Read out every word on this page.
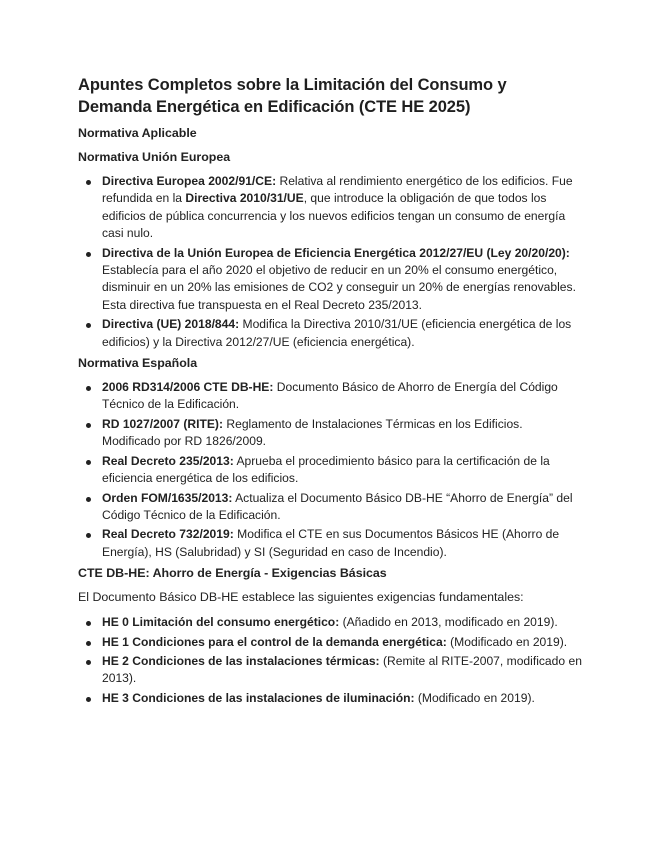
Apuntes Completos sobre la Limitación del Consumo y Demanda Energética en Edificación (CTE HE 2025)
Normativa Aplicable
Normativa Unión Europea
Directiva Europea 2002/91/CE: Relativa al rendimiento energético de los edificios. Fue refundida en la Directiva 2010/31/UE, que introduce la obligación de que todos los edificios de pública concurrencia y los nuevos edificios tengan un consumo de energía casi nulo.
Directiva de la Unión Europea de Eficiencia Energética 2012/27/EU (Ley 20/20/20): Establecía para el año 2020 el objetivo de reducir en un 20% el consumo energético, disminuir en un 20% las emisiones de CO2 y conseguir un 20% de energías renovables. Esta directiva fue transpuesta en el Real Decreto 235/2013.
Directiva (UE) 2018/844: Modifica la Directiva 2010/31/UE (eficiencia energética de los edificios) y la Directiva 2012/27/UE (eficiencia energética).
Normativa Española
2006 RD314/2006 CTE DB-HE: Documento Básico de Ahorro de Energía del Código Técnico de la Edificación.
RD 1027/2007 (RITE): Reglamento de Instalaciones Térmicas en los Edificios. Modificado por RD 1826/2009.
Real Decreto 235/2013: Aprueba el procedimiento básico para la certificación de la eficiencia energética de los edificios.
Orden FOM/1635/2013: Actualiza el Documento Básico DB-HE “Ahorro de Energía” del Código Técnico de la Edificación.
Real Decreto 732/2019: Modifica el CTE en sus Documentos Básicos HE (Ahorro de Energía), HS (Salubridad) y SI (Seguridad en caso de Incendio).
CTE DB-HE: Ahorro de Energía - Exigencias Básicas

El Documento Básico DB-HE establece las siguientes exigencias fundamentales:

HE 0 Limitación del consumo energético: (Añadido en 2013, modificado en 2019).
HE 1 Condiciones para el control de la demanda energética: (Modificado en 2019).
HE 2 Condiciones de las instalaciones térmicas: (Remite al RITE-2007, modificado en 2013).
HE 3 Condiciones de las instalaciones de iluminación: (Modificado en 2019).
